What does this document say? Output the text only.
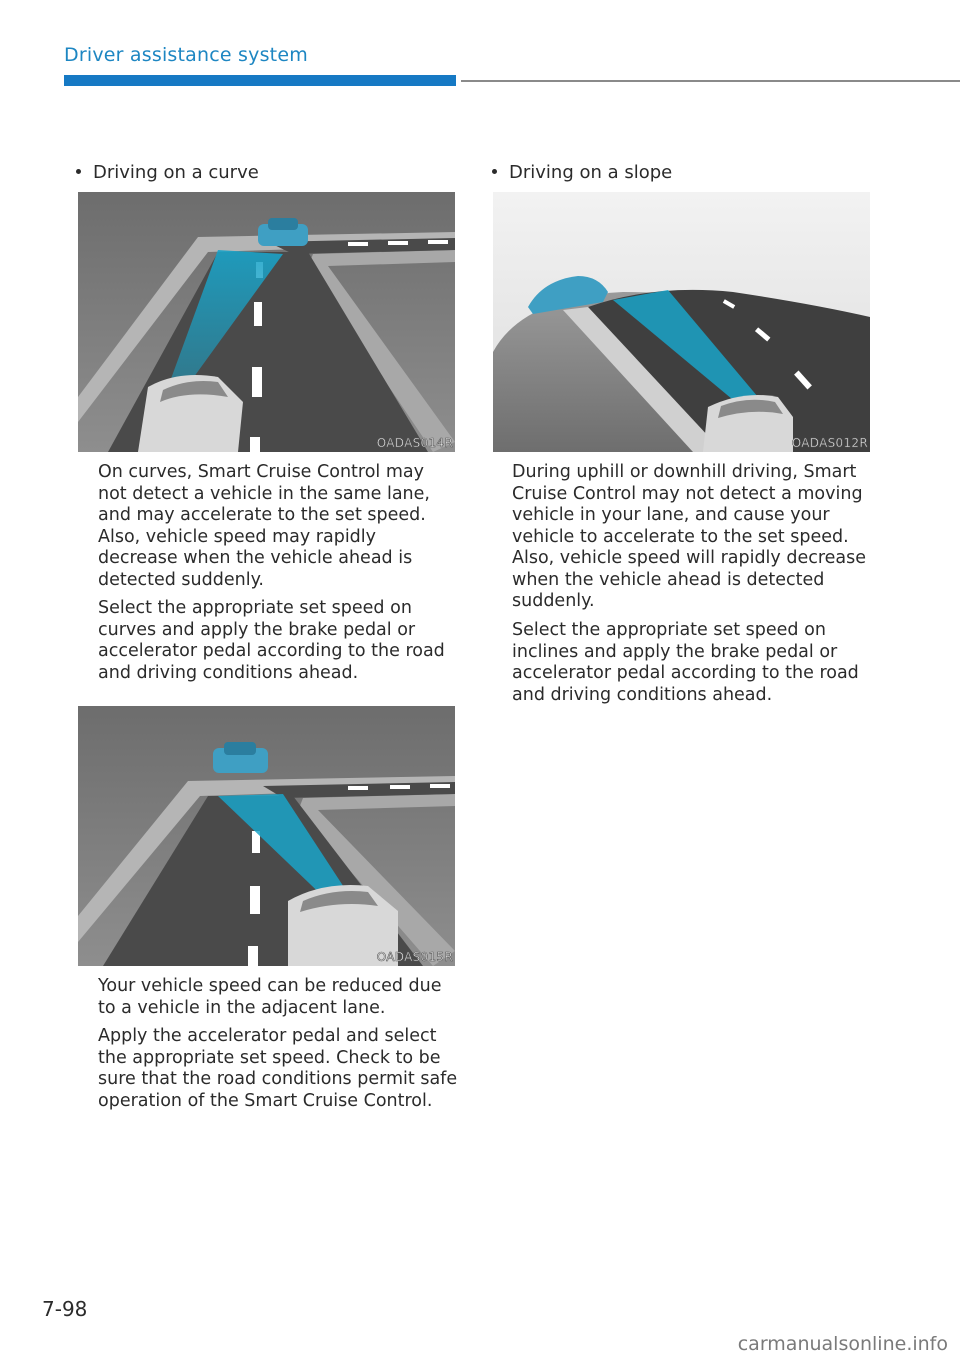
Driver assistance system
Driving on a curve
OADAS014R

On curves, Smart Cruise Control may not detect a vehicle in the same lane, and may accelerate to the set speed. Also, vehicle speed may rapidly decrease when the vehicle ahead is detected suddenly.

Select the appropriate set speed on curves and apply the brake pedal or accelerator pedal according to the road and driving conditions ahead.

OADAS015R

Your vehicle speed can be reduced due to a vehicle in the adjacent lane.

Apply the accelerator pedal and select the appropriate set speed. Check to be sure that the road conditions permit safe operation of the Smart Cruise Control.

Driving on a slope
OADAS012R

During uphill or downhill driving, Smart Cruise Control may not detect a moving vehicle in your lane, and cause your vehicle to accelerate to the set speed. Also, vehicle speed will rapidly decrease when the vehicle ahead is detected suddenly.

Select the appropriate set speed on inclines and apply the brake pedal or accelerator pedal according to the road and driving conditions ahead.

7-98
carmanualsonline.info
